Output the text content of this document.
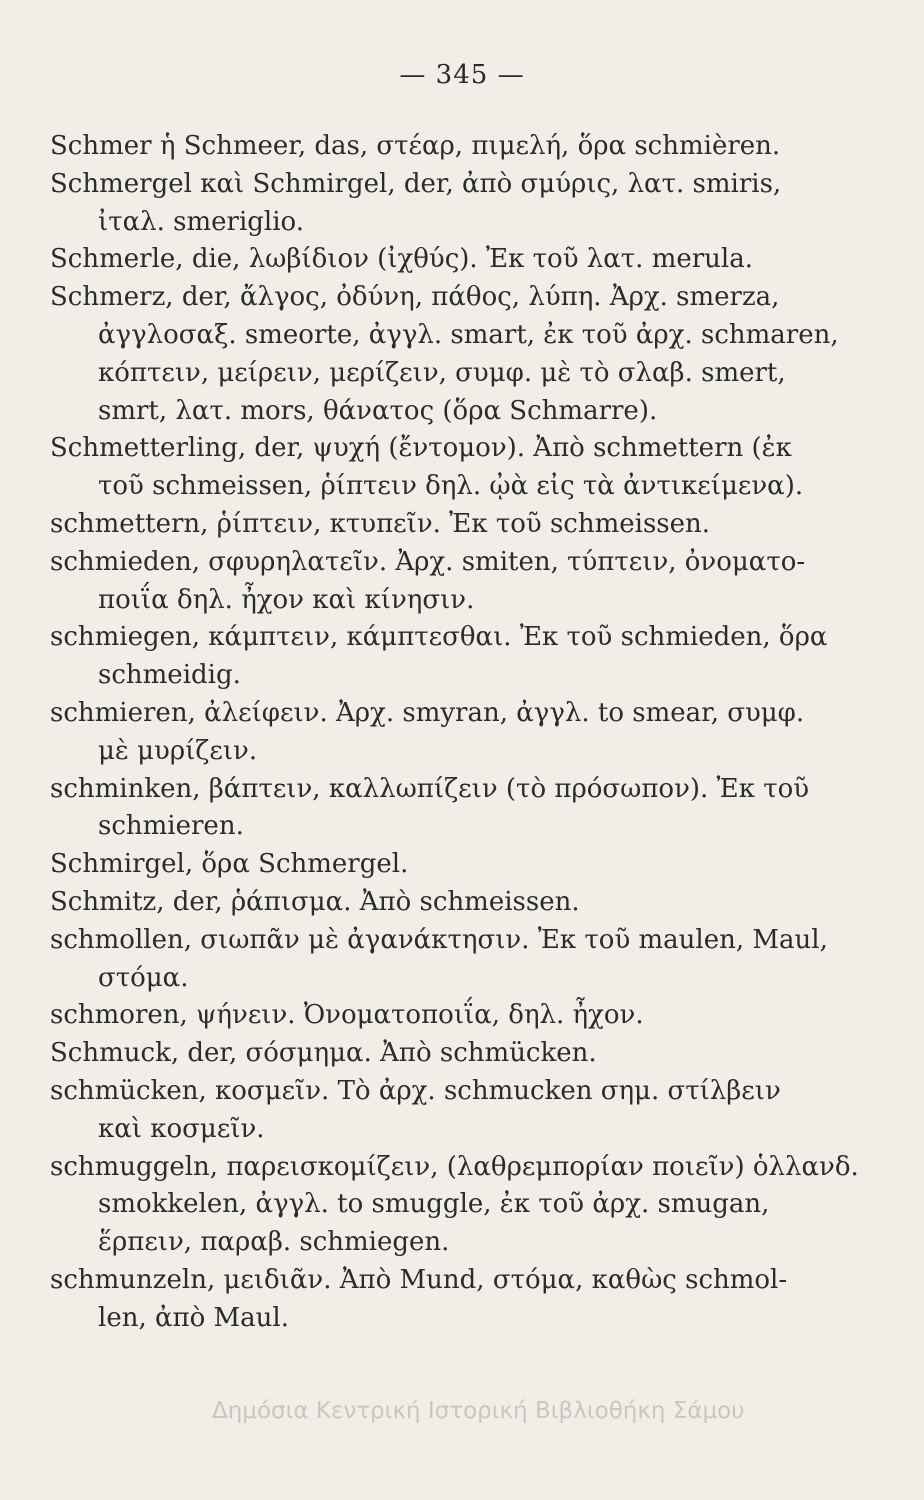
— 345 —
Schmer ἡ Schmeer, das, στέαρ, πιμελή, ὅρα schmièren.
Schmergel καὶ Schmirgel, der, ἀπὸ σμύρις, λατ. smiris,
ἰταλ. smeriglio.
Schmerle, die, λωβίδιον (ἰχθύς). Ἐκ τοῦ λατ. merula.
Schmerz, der, ἄλγος, ὀδύνη, πάθος, λύπη. Ἀρχ. smerza,
ἀγγλοσαξ. smeorte, ἀγγλ. smart, ἐκ τοῦ ἀρχ. schmaren,
κόπτειν, μείρειν, μερίζειν, συμφ. μὲ τὸ σλαβ. smert,
smrt, λατ. mors, θάνατος (ὅρα Schmarre).
Schmetterling, der, ψυχή (ἔντομον). Ἀπὸ schmettern (ἐκ
τοῦ schmeissen, ῥίπτειν δηλ. ᾠὰ εἰς τὰ ἀντικείμενα).
schmettern, ῥίπτειν, κτυπεῖν. Ἐκ τοῦ schmeissen.
schmieden, σφυρηλατεῖν. Ἀρχ. smiten, τύπτειν, ὀνοματο-
ποιΐα δηλ. ἦχον καὶ κίνησιν.
schmiegen, κάμπτειν, κάμπτεσθαι. Ἐκ τοῦ schmieden, ὅρα
schmeidig.
schmieren, ἀλείφειν. Ἀρχ. smyran, ἀγγλ. to smear, συμφ.
μὲ μυρίζειν.
schminken, βάπτειν, καλλωπίζειν (τὸ πρόσωπον). Ἐκ τοῦ
schmieren.
Schmirgel, ὅρα Schmergel.
Schmitz, der, ῥάπισμα. Ἀπὸ schmeissen.
schmollen, σιωπᾶν μὲ ἀγανάκτησιν. Ἐκ τοῦ maulen, Maul,
στόμα.
schmoren, ψήνειν. Ὀνοματοποιΐα, δηλ. ἦχον.
Schmuck, der, σόσμημα. Ἀπὸ schmücken.
schmücken, κοσμεῖν. Τὸ ἀρχ. schmucken σημ. στίλβειν
καὶ κοσμεῖν.
schmuggeln, παρεισκομίζειν, (λαθρεμπορίαν ποιεῖν) ὁλλανδ.
smokkelen, ἀγγλ. to smuggle, ἐκ τοῦ ἀρχ. smugan,
ἕρπειν, παραβ. schmiegen.
schmunzeln, μειδιᾶν. Ἀπὸ Mund, στόμα, καθὼς schmol-
len, ἀπὸ Maul.
Δημόσια Κεντρική Ιστορική Βιβλιοθήκη Σάμου
